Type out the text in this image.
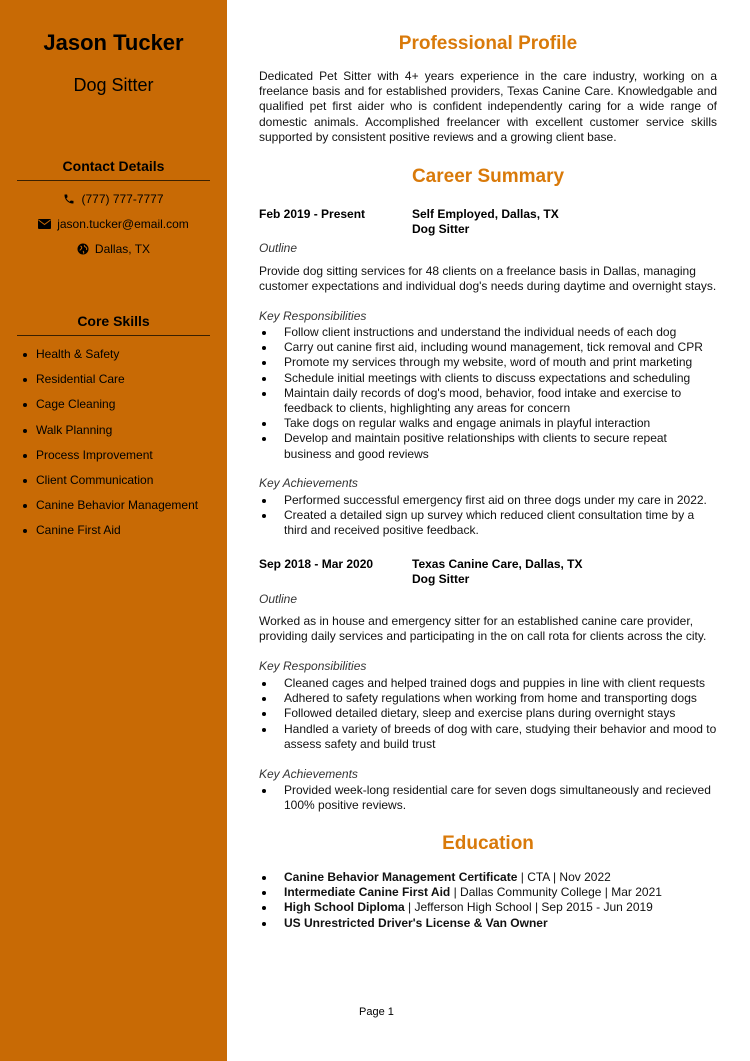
Jason Tucker
Dog Sitter
Contact Details
(777) 777-7777
jason.tucker@email.com
Dallas, TX
Core Skills
Health & Safety
Residential Care
Cage Cleaning
Walk Planning
Process Improvement
Client Communication
Canine Behavior Management
Canine First Aid
Professional Profile
Dedicated Pet Sitter with 4+ years experience in the care industry, working on a freelance basis and for established providers, Texas Canine Care. Knowledgable and qualified pet first aider who is confident independently caring for a wide range of domestic animals. Accomplished freelancer with excellent customer service skills supported by consistent positive reviews and a growing client base.
Career Summary
Feb 2019 - Present	Self Employed, Dallas, TX
Dog Sitter
Outline
Provide dog sitting services for 48 clients on a freelance basis in Dallas, managing customer expectations and individual dog's needs during daytime and overnight stays.
Key Responsibilities
Follow client instructions and understand the individual needs of each dog
Carry out canine first aid, including wound management, tick removal and CPR
Promote my services through my website, word of mouth and print marketing
Schedule initial meetings with clients to discuss expectations and scheduling
Maintain daily records of dog's mood, behavior, food intake and exercise to feedback to clients, highlighting any areas for concern
Take dogs on regular walks and engage animals in playful interaction
Develop and maintain positive relationships with clients to secure repeat business and good reviews
Key Achievements
Performed successful emergency first aid on three dogs under my care in 2022.
Created a detailed sign up survey which reduced client consultation time by a third and received positive feedback.
Sep 2018 - Mar 2020	Texas Canine Care, Dallas, TX
Dog Sitter
Outline
Worked as in house and emergency sitter for an established canine care provider, providing daily services and participating in the on call rota for clients across the city.
Key Responsibilities
Cleaned cages and helped trained dogs and puppies in line with client requests
Adhered to safety regulations when working from home and transporting dogs
Followed detailed dietary, sleep and exercise plans during overnight stays
Handled a variety of breeds of dog with care, studying their behavior and mood to assess safety and build trust
Key Achievements
Provided week-long residential care for seven dogs simultaneously and recieved 100% positive reviews.
Education
Canine Behavior Management Certificate | CTA | Nov 2022
Intermediate Canine First Aid | Dallas Community College | Mar 2021
High School Diploma | Jefferson High School | Sep 2015 - Jun 2019
US Unrestricted Driver's License & Van Owner
Page 1
